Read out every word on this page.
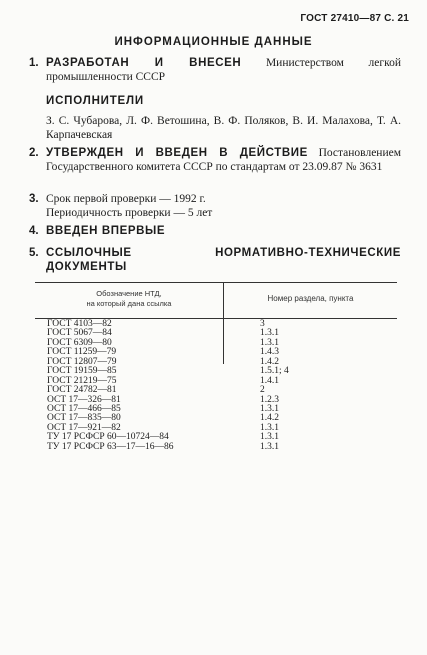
ГОСТ 27410—87 С. 21
ИНФОРМАЦИОННЫЕ ДАННЫЕ
1. РАЗРАБОТАН И ВНЕСЕН Министерством легкой промышленности СССР
ИСПОЛНИТЕЛИ
З. С. Чубарова, Л. Ф. Ветошина, В. Ф. Поляков, В. И. Малахова, Т. А. Карпачевская
2. УТВЕРЖДЕН И ВВЕДЕН В ДЕЙСТВИЕ Постановлением Государственного комитета СССР по стандартам от 23.09.87 № 3631
3. Срок первой проверки — 1992 г.
Периодичность проверки — 5 лет
4. ВВЕДЕН ВПЕРВЫЕ
5. ССЫЛОЧНЫЕ НОРМАТИВНО-ТЕХНИЧЕСКИЕ ДОКУМЕНТЫ
Обозначение НТД,
на который дана ссылка
Номер раздела, пункта
ГОСТ 4103—82	3
ГОСТ 5067—84	1.3.1
ГОСТ 6309—80	1.3.1
ГОСТ 11259—79	1.4.3
ГОСТ 12807—79	1.4.2
ГОСТ 19159—85	1.5.1; 4
ГОСТ 21219—75	1.4.1
ГОСТ 24782—81	2
ОСТ 17—326—81	1.2.3
ОСТ 17—466—85	1.3.1
ОСТ 17—835—80	1.4.2
ОСТ 17—921—82	1.3.1
ТУ 17 РСФСР 60—10724—84	1.3.1
ТУ 17 РСФСР 63—17—16—86	1.3.1
